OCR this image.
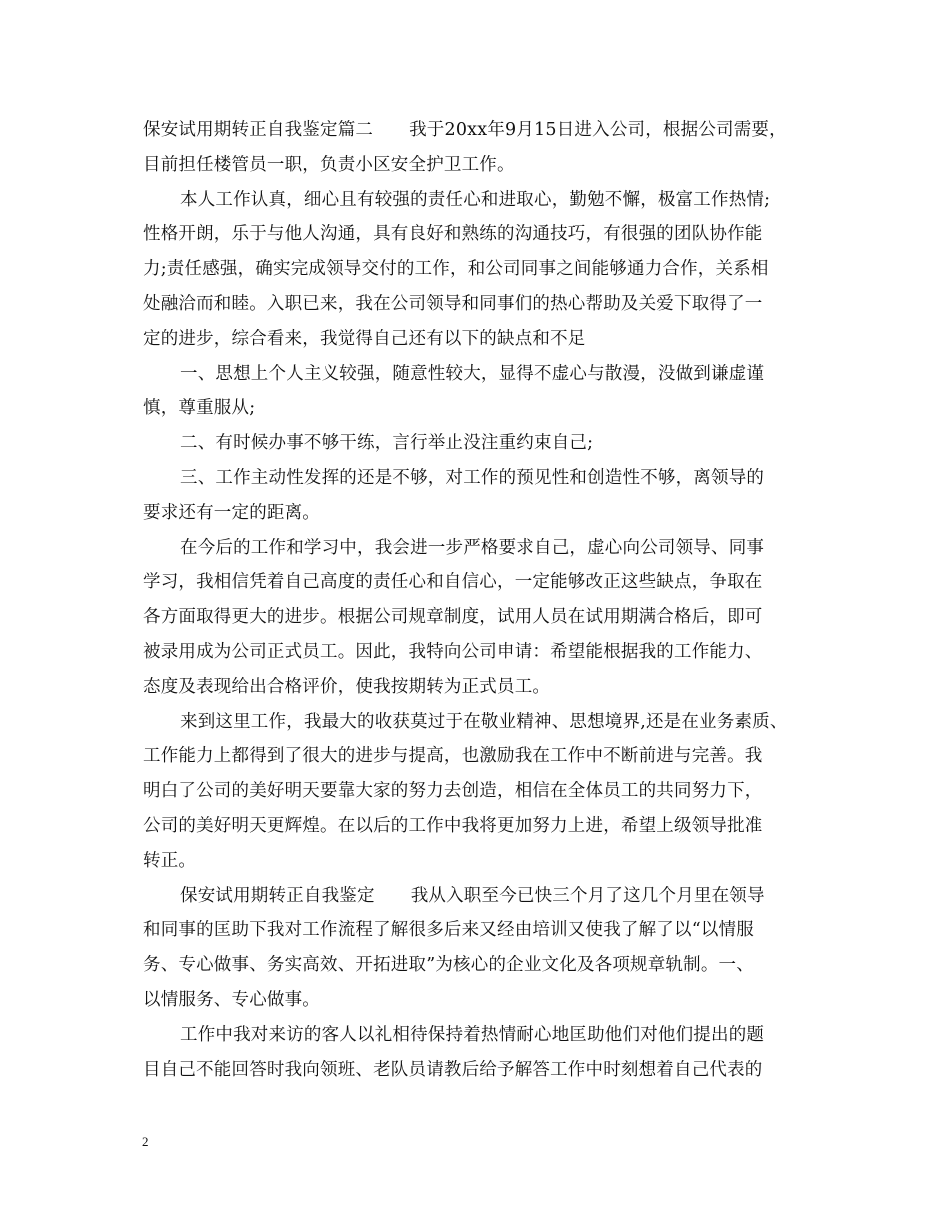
保安试用期转正自我鉴定篇二 我于20xx年9月15日进入公司，根据公司需要，
目前担任楼管员一职，负责小区安全护卫工作。
本人工作认真，细心且有较强的责任心和进取心，勤勉不懈，极富工作热情;
性格开朗，乐于与他人沟通，具有良好和熟练的沟通技巧，有很强的团队协作能
力;责任感强，确实完成领导交付的工作，和公司同事之间能够通力合作，关系相
处融洽而和睦。入职已来，我在公司领导和同事们的热心帮助及关爱下取得了一
定的进步，综合看来，我觉得自己还有以下的缺点和不足
一、思想上个人主义较强，随意性较大，显得不虚心与散漫，没做到谦虚谨
慎，尊重服从;
二、有时候办事不够干练，言行举止没注重约束自己;
三、工作主动性发挥的还是不够，对工作的预见性和创造性不够，离领导的
要求还有一定的距离。
在今后的工作和学习中，我会进一步严格要求自己，虚心向公司领导、同事
学习，我相信凭着自己高度的责任心和自信心，一定能够改正这些缺点，争取在
各方面取得更大的进步。根据公司规章制度，试用人员在试用期满合格后，即可
被录用成为公司正式员工。因此，我特向公司申请：希望能根据我的工作能力、
态度及表现给出合格评价，使我按期转为正式员工。
来到这里工作，我最大的收获莫过于在敬业精神、思想境界,还是在业务素质、
工作能力上都得到了很大的进步与提高，也激励我在工作中不断前进与完善。我
明白了公司的美好明天要靠大家的努力去创造，相信在全体员工的共同努力下，
公司的美好明天更辉煌。在以后的工作中我将更加努力上进，希望上级领导批准
转正。
保安试用期转正自我鉴定 我从入职至今已快三个月了这几个月里在领导
和同事的匡助下我对工作流程了解很多后来又经由培训又使我了解了以“以情服
务、专心做事、务实高效、开拓进取”为核心的企业文化及各项规章轨制。一、
以情服务、专心做事。
工作中我对来访的客人以礼相待保持着热情耐心地匡助他们对他们提出的题
目自己不能回答时我向领班、老队员请教后给予解答工作中时刻想着自己代表的
2
